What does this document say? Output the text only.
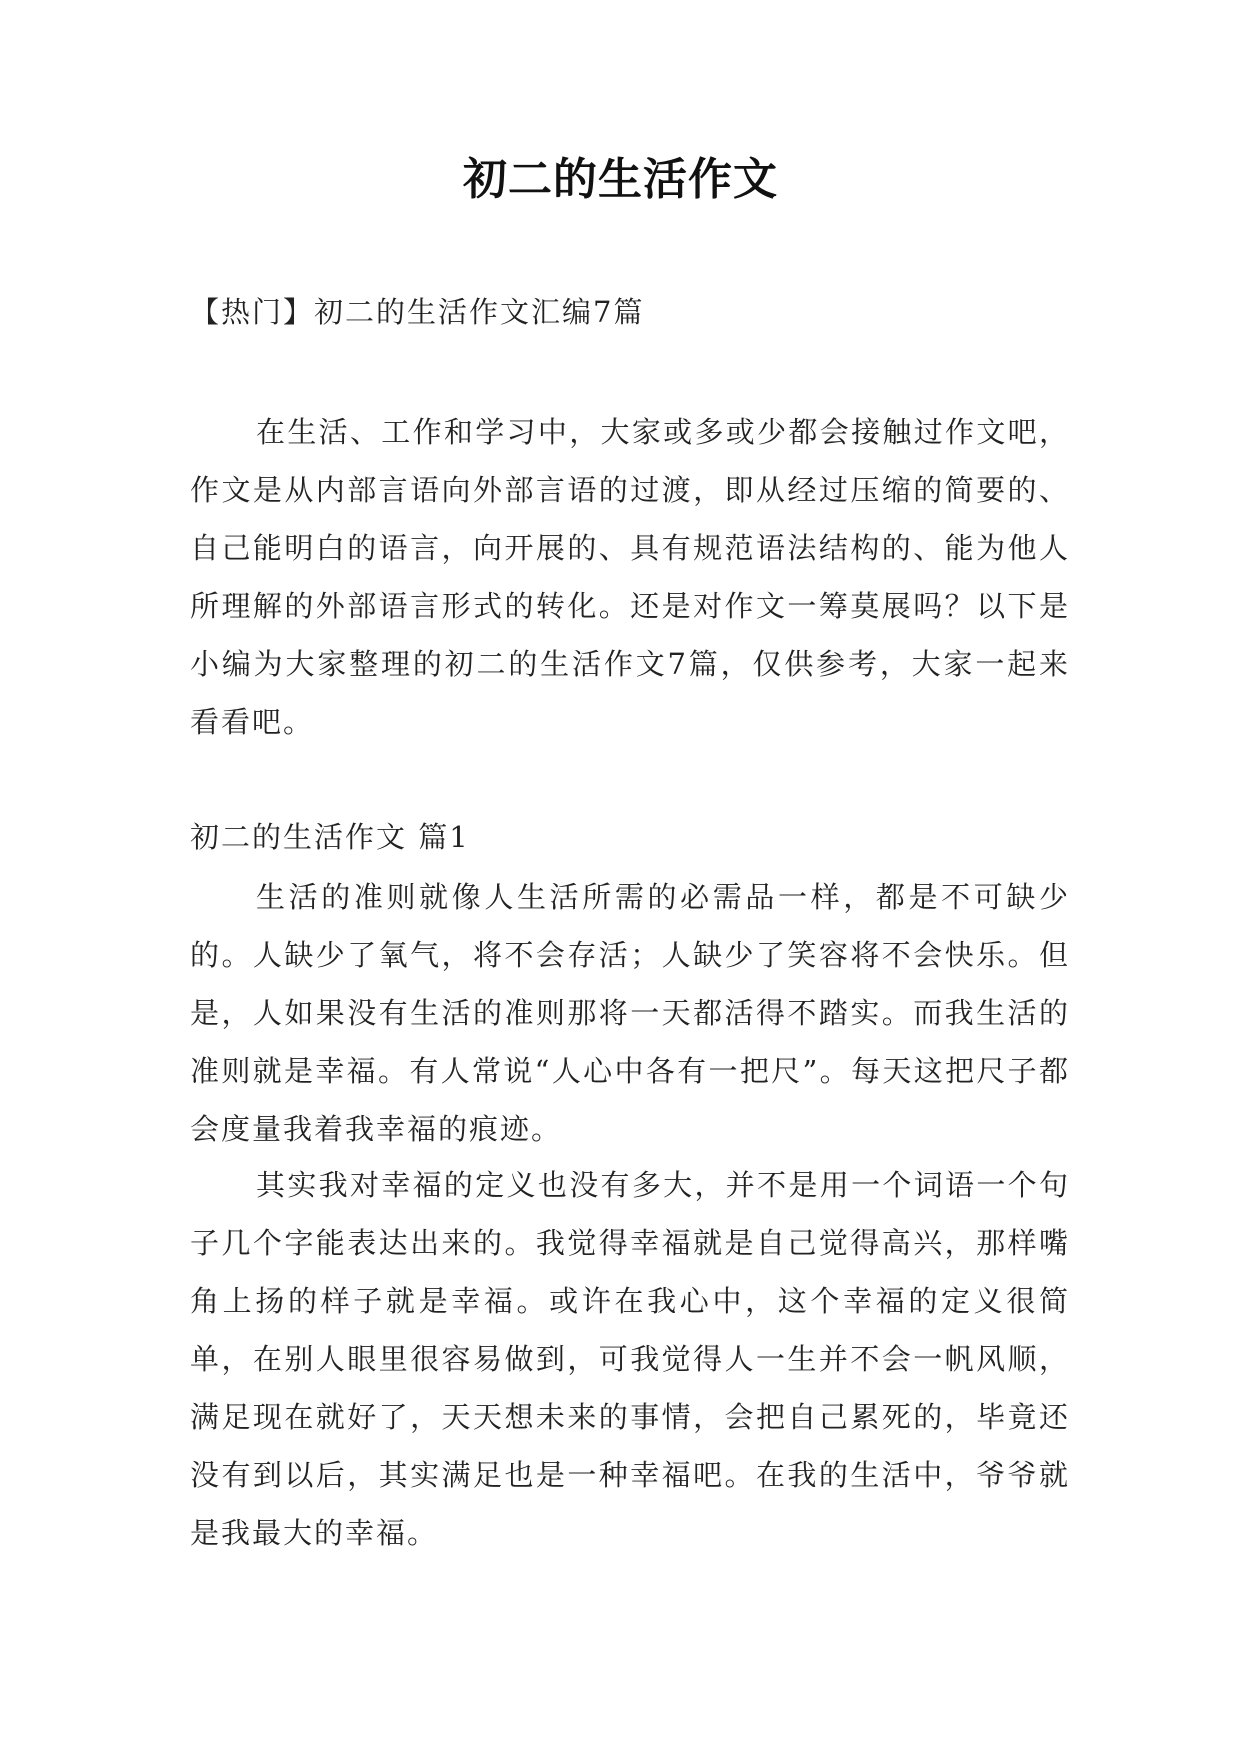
初二的生活作文
【热门】初二的生活作文汇编7篇

在生活、工作和学习中，大家或多或少都会接触过作文吧，作文是从内部言语向外部言语的过渡，即从经过压缩的简要的、自己能明白的语言，向开展的、具有规范语法结构的、能为他人所理解的外部语言形式的转化。还是对作文一筹莫展吗？以下是小编为大家整理的初二的生活作文7篇，仅供参考，大家一起来看看吧。

初二的生活作文 篇1

生活的准则就像人生活所需的必需品一样，都是不可缺少的。人缺少了氧气，将不会存活；人缺少了笑容将不会快乐。但是，人如果没有生活的准则那将一天都活得不踏实。而我生活的准则就是幸福。有人常说“人心中各有一把尺”。每天这把尺子都会度量我着我幸福的痕迹。

其实我对幸福的定义也没有多大，并不是用一个词语一个句子几个字能表达出来的。我觉得幸福就是自己觉得高兴，那样嘴角上扬的样子就是幸福。或许在我心中，这个幸福的定义很简单，在别人眼里很容易做到，可我觉得人一生并不会一帆风顺，满足现在就好了，天天想未来的事情，会把自己累死的，毕竟还没有到以后，其实满足也是一种幸福吧。在我的生活中，爷爷就是我最大的幸福。
